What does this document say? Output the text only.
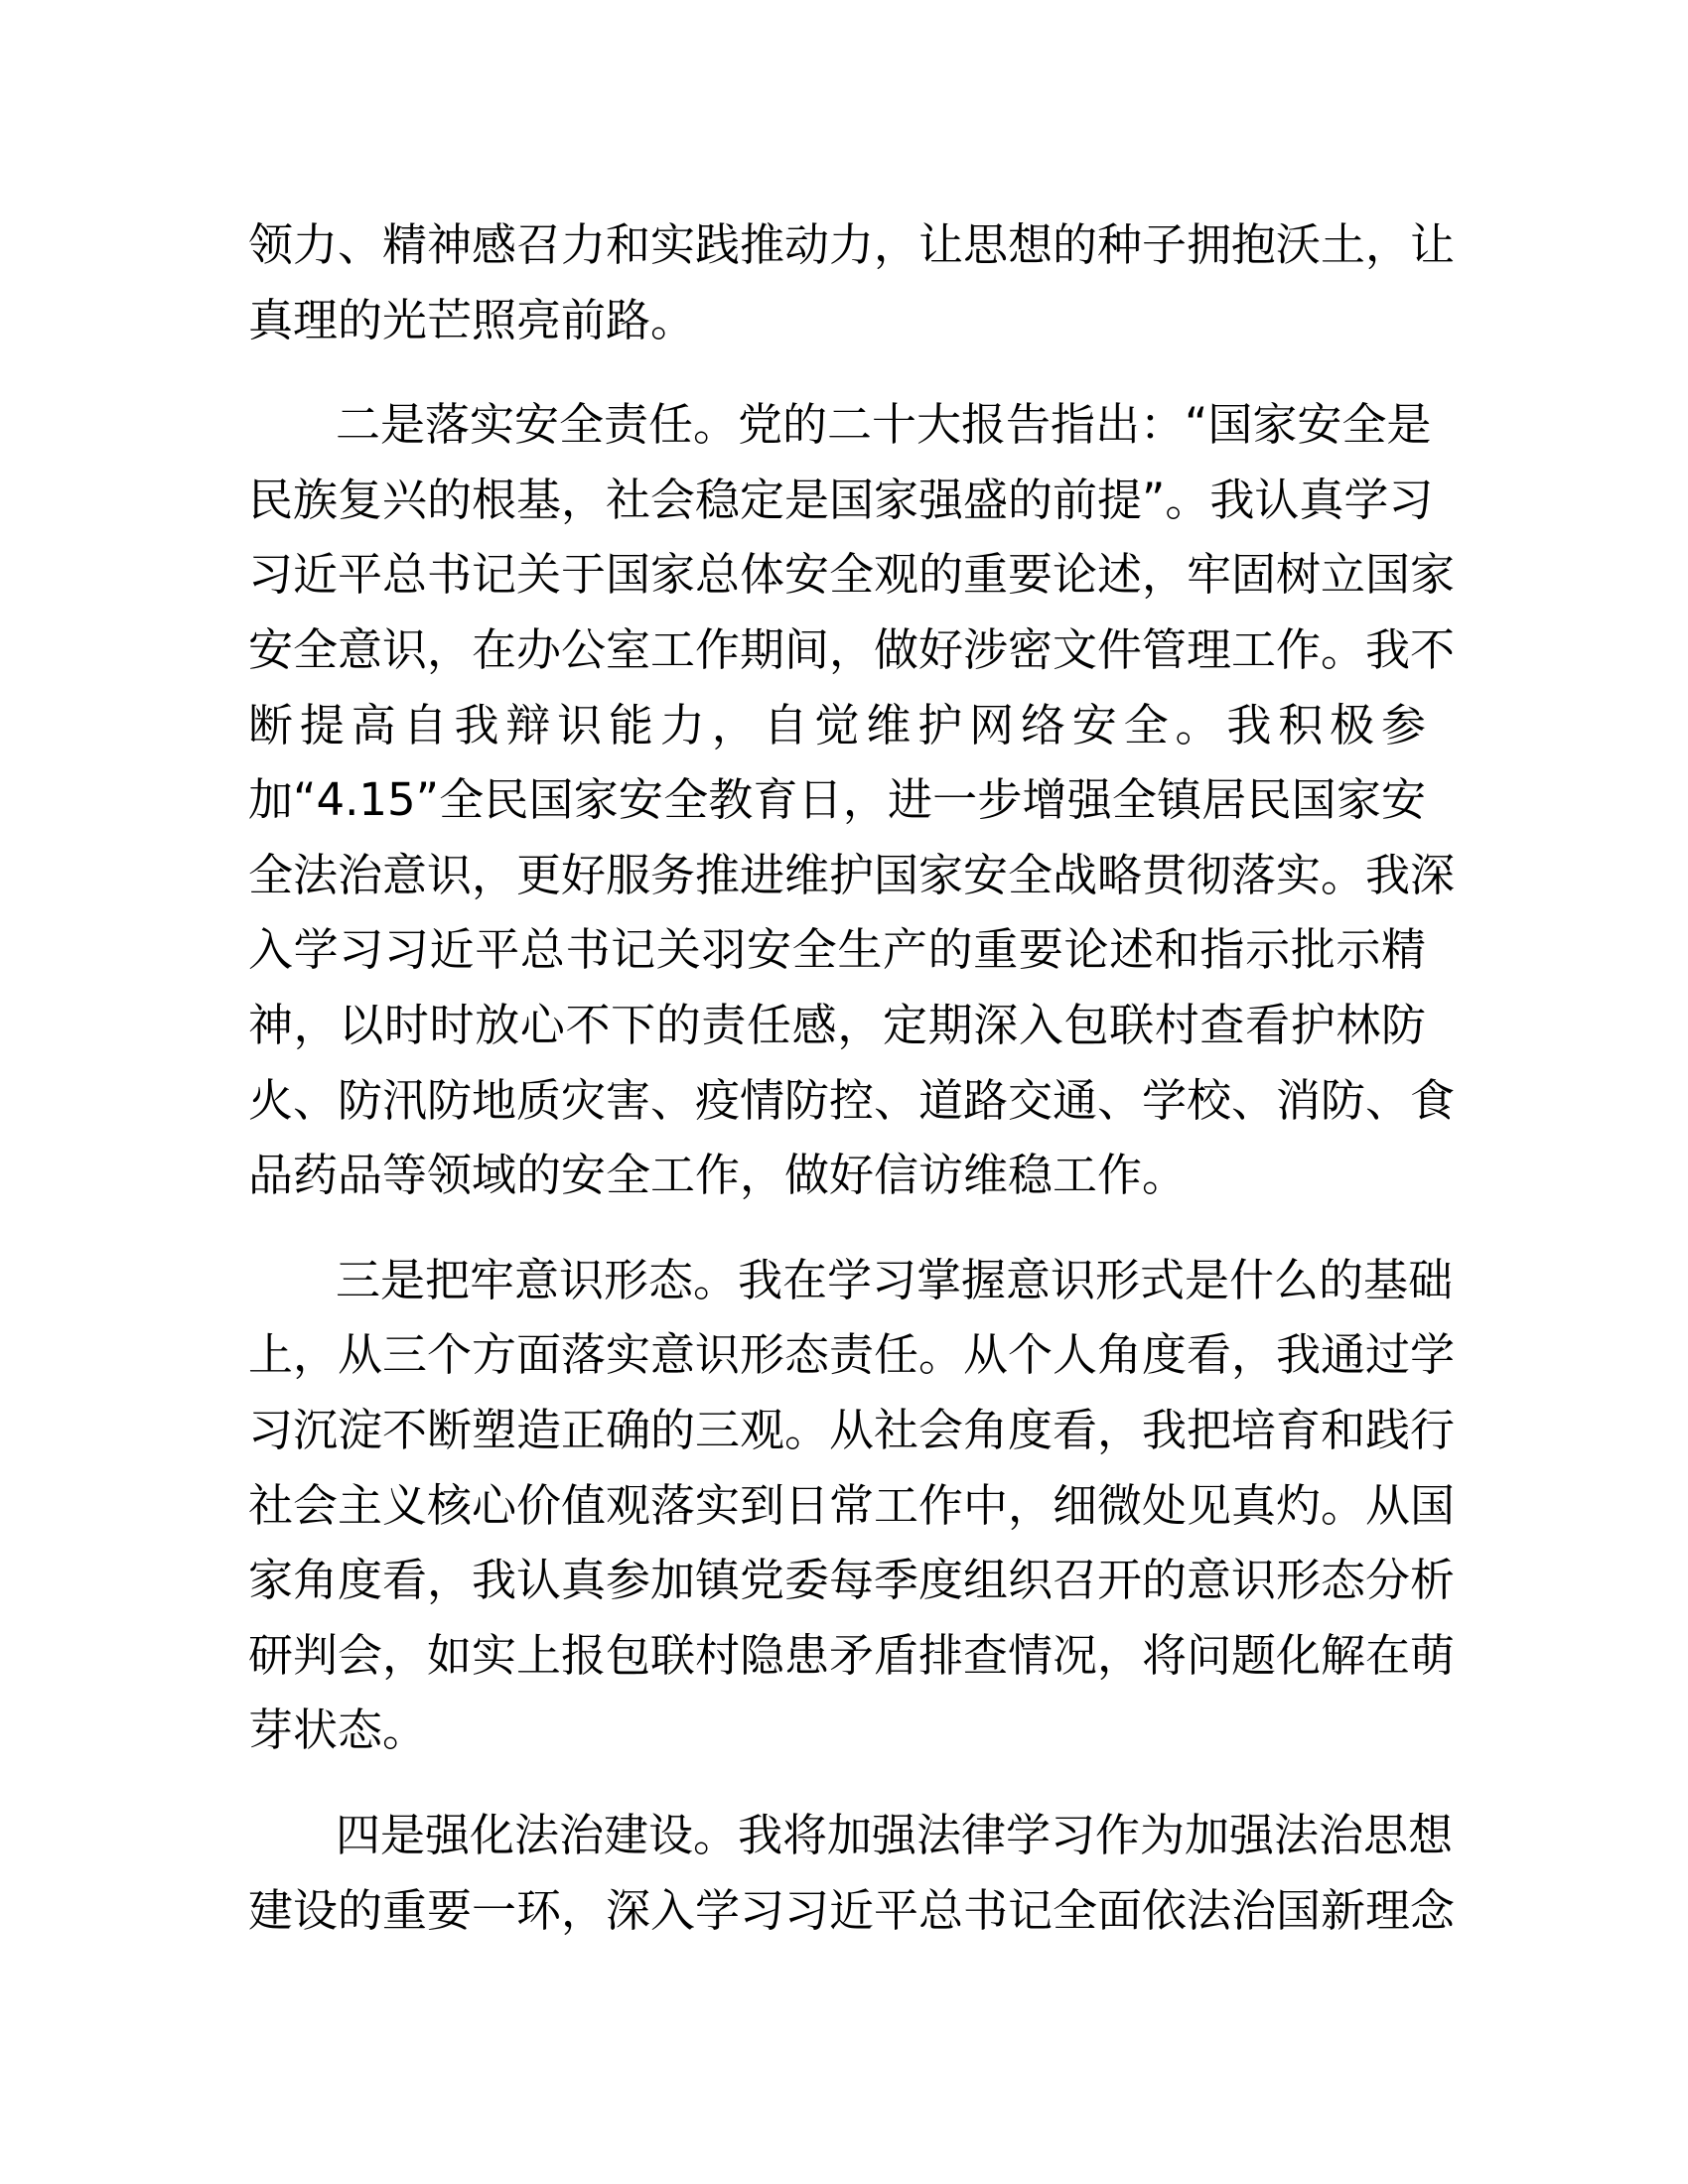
领力、精神感召力和实践推动力，让思想的种子拥抱沃土，让
真理的光芒照亮前路。
二是落实安全责任。党的二十大报告指出：“国家安全是
民族复兴的根基，社会稳定是国家强盛的前提”。我认真学习
习近平总书记关于国家总体安全观的重要论述，牢固树立国家
安全意识，在办公室工作期间，做好涉密文件管理工作。我不
断提高自我辩识能力，自觉维护网络安全。我积极参
加“4.15”全民国家安全教育日，进一步增强全镇居民国家安
全法治意识，更好服务推进维护国家安全战略贯彻落实。我深
入学习习近平总书记关羽安全生产的重要论述和指示批示精
神，以时时放心不下的责任感，定期深入包联村查看护林防
火、防汛防地质灾害、疫情防控、道路交通、学校、消防、食
品药品等领域的安全工作，做好信访维稳工作。
三是把牢意识形态。我在学习掌握意识形式是什么的基础
上，从三个方面落实意识形态责任。从个人角度看，我通过学
习沉淀不断塑造正确的三观。从社会角度看，我把培育和践行
社会主义核心价值观落实到日常工作中，细微处见真灼。从国
家角度看，我认真参加镇党委每季度组织召开的意识形态分析
研判会，如实上报包联村隐患矛盾排查情况，将问题化解在萌
芽状态。
四是强化法治建设。我将加强法律学习作为加强法治思想
建设的重要一环，深入学习习近平总书记全面依法治国新理念
